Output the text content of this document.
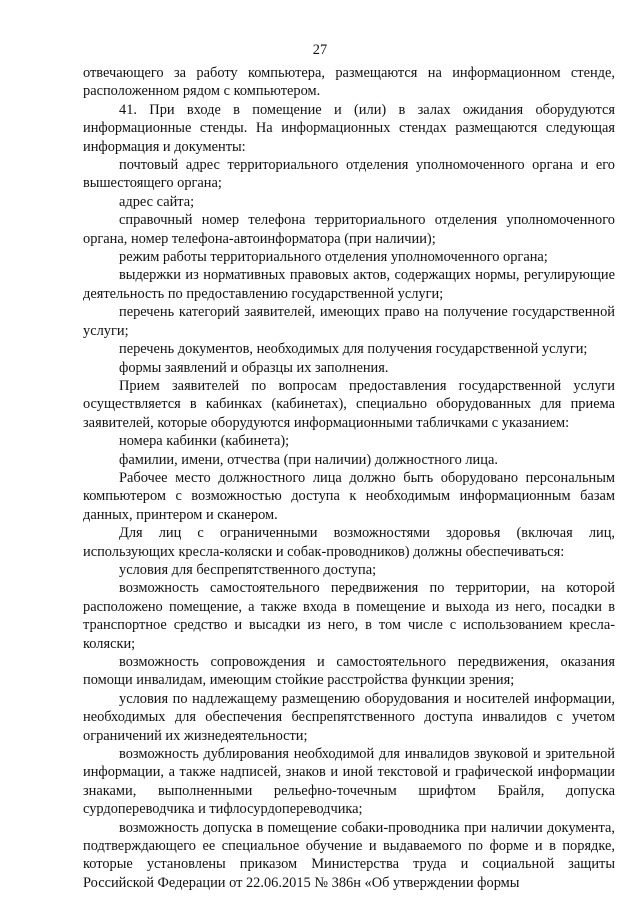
27

отвечающего за работу компьютера, размещаются на информационном стенде, расположенном рядом с компьютером.

41. При входе в помещение и (или) в залах ожидания оборудуются информационные стенды. На информационных стендах размещаются следующая информация и документы:

почтовый адрес территориального отделения уполномоченного органа и его вышестоящего органа;

адрес сайта;

справочный номер телефона территориального отделения уполномоченного органа, номер телефона-автоинформатора (при наличии);

режим работы территориального отделения уполномоченного органа;

выдержки из нормативных правовых актов, содержащих нормы, регулирующие деятельность по предоставлению государственной услуги;

перечень категорий заявителей, имеющих право на получение государственной услуги;

перечень документов, необходимых для получения государственной услуги;

формы заявлений и образцы их заполнения.

Прием заявителей по вопросам предоставления государственной услуги осуществляется в кабинках (кабинетах), специально оборудованных для приема заявителей, которые оборудуются информационными табличками с указанием:

номера кабинки (кабинета);

фамилии, имени, отчества (при наличии) должностного лица.

Рабочее место должностного лица должно быть оборудовано персональным компьютером с возможностью доступа к необходимым информационным базам данных, принтером и сканером.

Для лиц с ограниченными возможностями здоровья (включая лиц, использующих кресла-коляски и собак-проводников) должны обеспечиваться:

условия для беспрепятственного доступа;

возможность самостоятельного передвижения по территории, на которой расположено помещение, а также входа в помещение и выхода из него, посадки в транспортное средство и высадки из него, в том числе с использованием кресла-коляски;

возможность сопровождения и самостоятельного передвижения, оказания помощи инвалидам, имеющим стойкие расстройства функции зрения;

условия по надлежащему размещению оборудования и носителей информации, необходимых для обеспечения беспрепятственного доступа инвалидов с учетом ограничений их жизнедеятельности;

возможность дублирования необходимой для инвалидов звуковой и зрительной информации, а также надписей, знаков и иной текстовой и графической информации знаками, выполненными рельефно-точечным шрифтом Брайля, допуска сурдопереводчика и тифлосурдопереводчика;

возможность допуска в помещение собаки-проводника при наличии документа, подтверждающего ее специальное обучение и выдаваемого по форме и в порядке, которые установлены приказом Министерства труда и социальной защиты Российской Федерации от 22.06.2015 № 386н «Об утверждении формы
